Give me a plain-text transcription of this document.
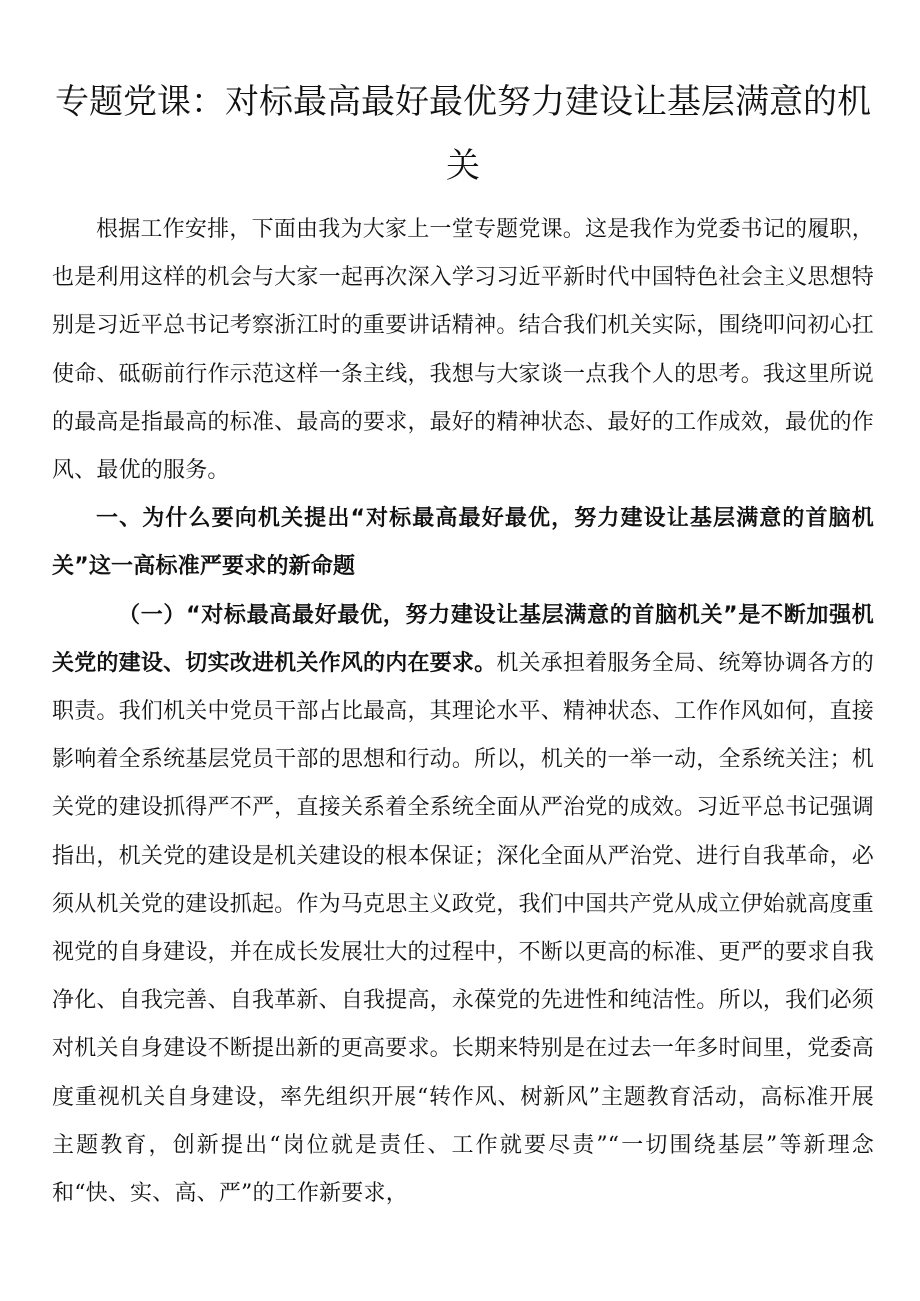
专题党课：对标最高最好最优努力建设让基层满意的机关

根据工作安排，下面由我为大家上一堂专题党课。这是我作为党委书记的履职，也是利用这样的机会与大家一起再次深入学习习近平新时代中国特色社会主义思想特别是习近平总书记考察浙江时的重要讲话精神。结合我们机关实际，围绕叩问初心扛使命、砥砺前行作示范这样一条主线，我想与大家谈一点我个人的思考。我这里所说的最高是指最高的标准、最高的要求，最好的精神状态、最好的工作成效，最优的作风、最优的服务。

一、为什么要向机关提出“对标最高最好最优，努力建设让基层满意的首脑机关”这一高标准严要求的新命题

（一）“对标最高最好最优，努力建设让基层满意的首脑机关”是不断加强机关党的建设、切实改进机关作风的内在要求。机关承担着服务全局、统筹协调各方的职责。我们机关中党员干部占比最高，其理论水平、精神状态、工作作风如何，直接影响着全系统基层党员干部的思想和行动。所以，机关的一举一动，全系统关注；机关党的建设抓得严不严，直接关系着全系统全面从严治党的成效。习近平总书记强调指出，机关党的建设是机关建设的根本保证；深化全面从严治党、进行自我革命，必须从机关党的建设抓起。作为马克思主义政党，我们中国共产党从成立伊始就高度重视党的自身建设，并在成长发展壮大的过程中，不断以更高的标准、更严的要求自我净化、自我完善、自我革新、自我提高，永葆党的先进性和纯洁性。所以，我们必须对机关自身建设不断提出新的更高要求。长期来特别是在过去一年多时间里，党委高度重视机关自身建设，率先组织开展“转作风、树新风”主题教育活动，高标准开展主题教育，创新提出“岗位就是责任、工作就要尽责”“一切围绕基层”等新理念和“快、实、高、严”的工作新要求，
